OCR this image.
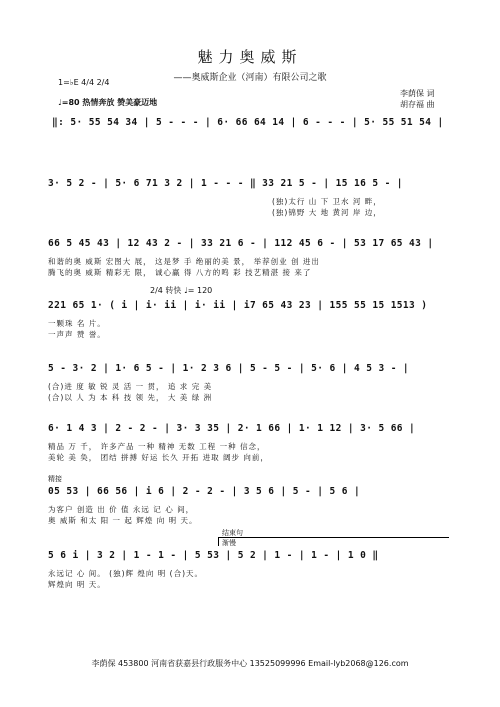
魅力奥威斯
——奥威斯企业（河南）有限公司之歌
李荫保 词
胡存福 曲
1=♭E 4/4 2/4
♩=80 热情奔放 赞美豪迈地
‖: 5· 55 54 34 | 5 - - - | 6· 66 64 14 | 6 - - - | 5· 55 51 54 |
3· 5 2 - | 5· 6 71 3 2 | 1 - - - ‖ 33 21 5 - | 15 16 5 - |
(独)太行 山 下 卫水 河 畔，
(独)锦野 大 地 黄河 岸 边，
66 5 45 43 | 12 43 2 - | 33 21 6 - | 112 45 6 - | 53 17 65 43 |
和谐的奥 威斯 宏图大 展， 这是梦 手 绝丽的美 景， 举荐创业 创 进出
腾飞的奥 威斯 精彩无 限， 诚心赢 得 八方的鸣 彩 技艺精湛 接 来了
2/4 转快 ♩= 120
221 65 1· ( i | i· ii | i· ii | i7 65 43 23 | 155 55 15 1513 )
一颗珠 名 片。
一声声 赞 誉。
5 - 3· 2 | 1· 6 5 - | 1· 2 3 6 | 5 - 5 - | 5· 6 | 4 5 3 - |
(合)进 度 敏 锐 灵 活 一 贯， 追 求 完 美
(合)以 人 为 本 科 技 领 先， 大 美 绿 洲
6· 1 4 3 | 2 - 2 - | 3· 3 35 | 2· 1 66 | 1· 1 12 | 3· 5 66 |
精品 万 千， 许多产品 一种 精神 无数 工程 一种 信念，
美轮 美 奂， 团结 拼搏 好运 长久 开拓 进取 阔步 向前，
精接
05 53 | 66 56 | i 6 | 2 - 2 - | 3 5 6 | 5 - | 5 6 |
为客户 创造 出 价 值 永远 记 心 间，
奥 威斯 和太 阳 一 起 辉煌 向 明 天。
结束句
渐慢
5 6 i | 3 2 | 1 - 1 - | 5 53 | 5 2 | 1 - | 1 - | 1 0 ‖
永远记 心 间。 (独)辉 煌向 明 (合)天。
辉煌向 明 天。
李荫保 453800 河南省获嘉县行政服务中心 13525099996 Email-lyb2068@126.com
